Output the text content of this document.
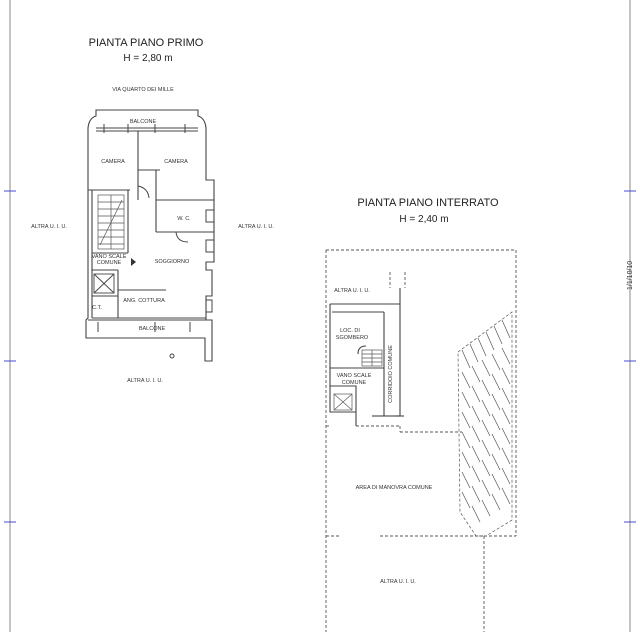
1/1/10/10
PIANTA PIANO PRIMO
H = 2,80 m
VIA QUARTO DEI MILLE
BALCONE
CAMERA	CAMERA
W. C.
VANO SCALE
COMUNE	SOGGIORNO
C.T.
ANG. COTTURA
BALCONE
ALTRA U. I. U.	ALTRA U. I. U.
ALTRA U. I. U.
PIANTA PIANO INTERRATO
H = 2,40 m
ALTRA U. I. U.
LOC. DI
SGOMBERO
CORRIDOIO COMUNE
VANO SCALE
COMUNE
AREA DI MANOVRA COMUNE
ALTRA U. I. U.
